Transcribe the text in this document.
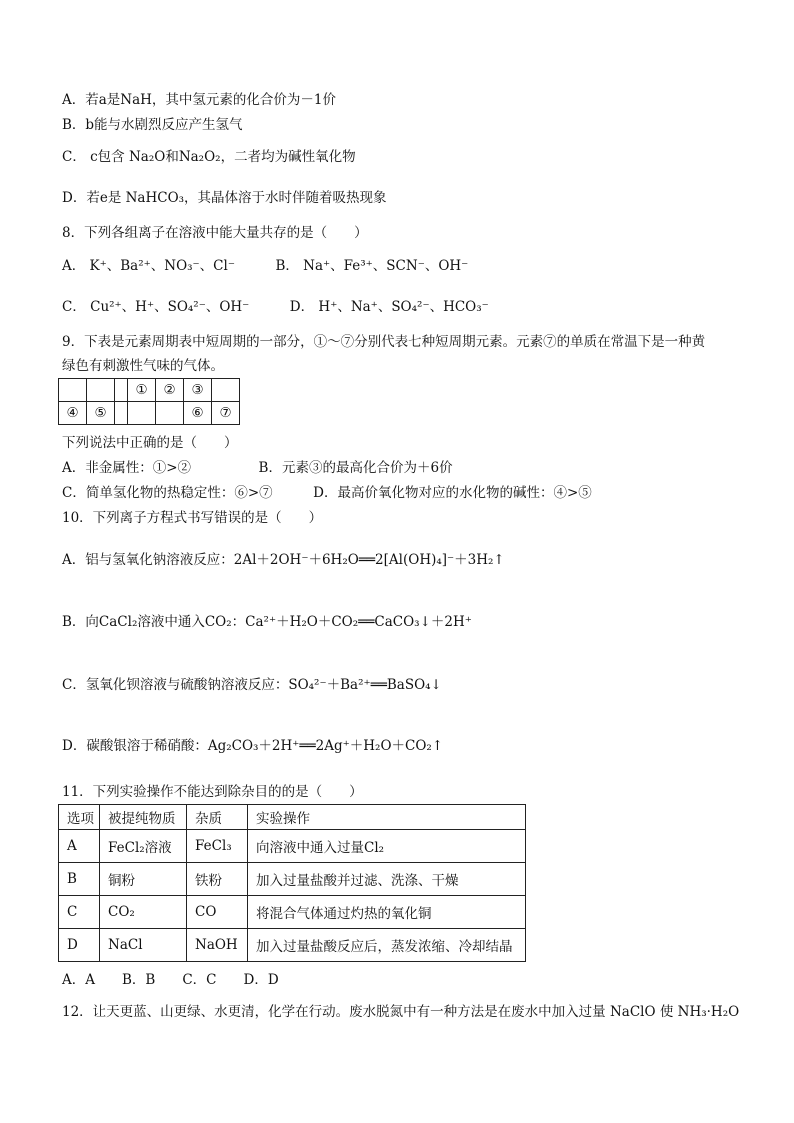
A．若a是NaH，其中氢元素的化合价为－1价
B．b能与水剧烈反应产生氢气
C． c包含 Na₂O和Na₂O₂，二者均为碱性氧化物
D．若e是 NaHCO₃，其晶体溶于水时伴随着吸热现象
8．下列各组离子在溶液中能大量共存的是（　　）
A． K⁺、Ba²⁺、NO₃⁻、Cl⁻　　　B． Na⁺、Fe³⁺、SCN⁻、OH⁻
C． Cu²⁺、H⁺、SO₄²⁻、OH⁻　　　D． H⁺、Na⁺、SO₄²⁻、HCO₃⁻
9．下表是元素周期表中短周期的一部分，①～⑦分别代表七种短周期元素。元素⑦的单质在常温下是一种黄
绿色有刺激性气味的气体。
			①	②	③	
④	⑤				⑥	⑦
下列说法中正确的是（　　）
A．非金属性：①>②　　　　　B．元素③的最高化合价为＋6价
C．简单氢化物的热稳定性：⑥>⑦　　　D．最高价氧化物对应的水化物的碱性：④>⑤
10．下列离子方程式书写错误的是（　　）
A．铝与氢氧化钠溶液反应：2Al＋2OH⁻＋6H₂O══2[Al(OH)₄]⁻＋3H₂↑
B．向CaCl₂溶液中通入CO₂：Ca²⁺＋H₂O＋CO₂══CaCO₃↓＋2H⁺
C．氢氧化钡溶液与硫酸钠溶液反应：SO₄²⁻＋Ba²⁺══BaSO₄↓
D．碳酸银溶于稀硝酸：Ag₂CO₃＋2H⁺══2Ag⁺＋H₂O＋CO₂↑
11．下列实验操作不能达到除杂目的的是（　　）
选项	被提纯物质	杂质	实验操作
A	FeCl₂溶液	FeCl₃	向溶液中通入过量Cl₂
B	铜粉	铁粉	加入过量盐酸并过滤、洗涤、干燥
C	CO₂	CO	将混合气体通过灼热的氧化铜
D	NaCl	NaOH	加入过量盐酸反应后，蒸发浓缩、冷却结晶
A．A　　B．B　　C．C　　D．D
12．让天更蓝、山更绿、水更清，化学在行动。废水脱氮中有一种方法是在废水中加入过量 NaClO 使 NH₃·H₂O
